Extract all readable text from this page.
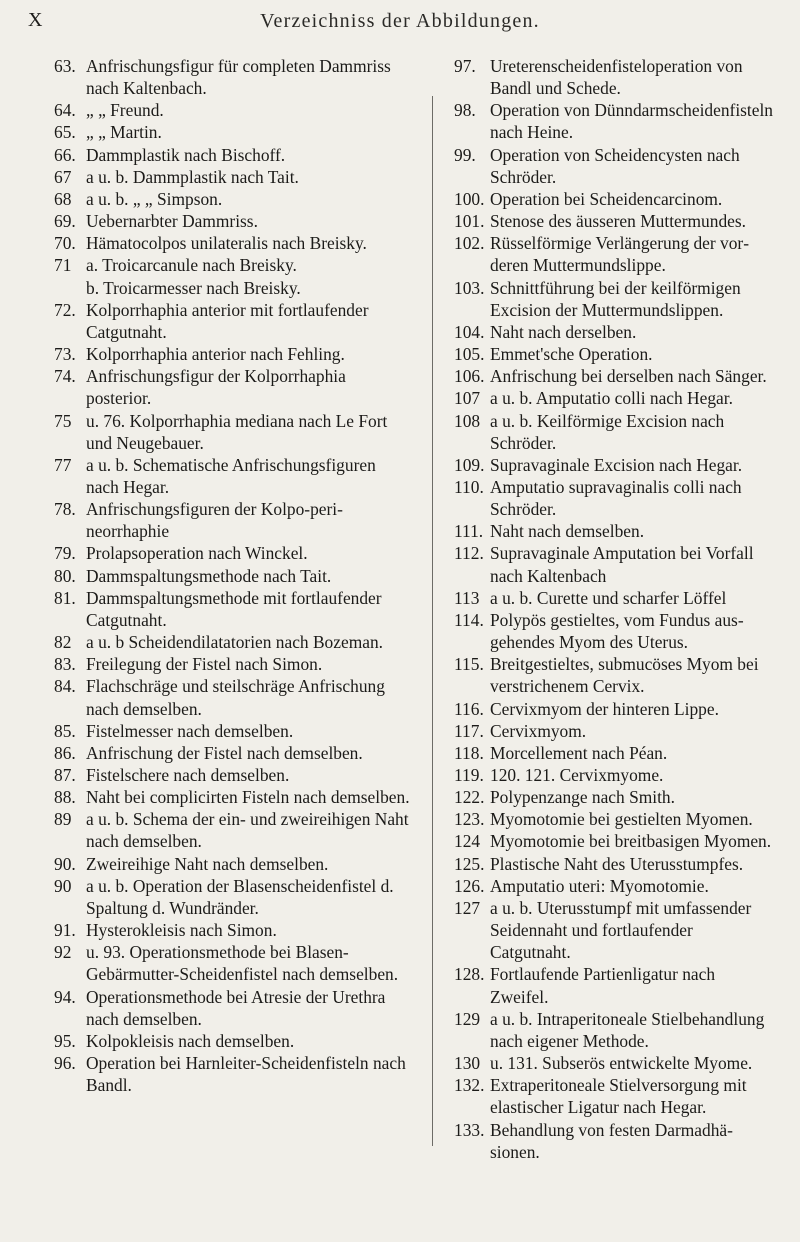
X	Verzeichniss der Abbildungen.
63. Anfrischungsfigur für completen Dammriss nach Kaltenbach.
64. „ „ Freund.
65. „ „ Martin.
66. Dammplastik nach Bischoff.
67 a u. b. Dammplastik nach Tait.
68 a u. b. „ „ Simpson.
69. Uebernarbter Dammriss.
70. Hämatocolpos unilateralis nach Breisky.
71 a. Troicarcanule nach Breisky.
b. Troicarmesser nach Breisky.
72. Kolporrhaphia anterior mit fortlaufender Catgutnaht.
73. Kolporrhaphia anterior nach Fehling.
74. Anfrischungsfigur der Kolporrhaphia posterior.
75 u. 76. Kolporrhaphia mediana nach Le Fort und Neugebauer.
77 a u. b. Schematische Anfrischungsfiguren nach Hegar.
78. Anfrischungsfiguren der Kolpo-perineorrhaphie
79. Prolapsoperation nach Winckel.
80. Dammspaltungsmethode nach Tait.
81. Dammspaltungsmethode mit fortlaufender Catgutnaht.
82 a u. b Scheidendilatatorien nach Bozeman.
83. Freilegung der Fistel nach Simon.
84. Flachschräge und steilschräge Anfrischung nach demselben.
85. Fistelmesser nach demselben.
86. Anfrischung der Fistel nach demselben.
87. Fistelschere nach demselben.
88. Naht bei complicirten Fisteln nach demselben.
89 a u. b. Schema der ein- und zweireihigen Naht nach demselben.
90. Zweireihige Naht nach demselben.
90 a u. b. Operation der Blasenscheidenfistel d. Spaltung d. Wundränder.
91. Hysterokleisis nach Simon.
92 u. 93. Operationsmethode bei Blasen-Gebärmutter-Scheidenfistel nach demselben.
94. Operationsmethode bei Atresie der Urethra nach demselben.
95. Kolpokleisis nach demselben.
96. Operation bei Harnleiter-Scheidenfisteln nach Bandl.
97. Ureterenscheidenfisteloperation von Bandl und Schede.
98. Operation von Dünndarmscheidenfisteln nach Heine.
99. Operation von Scheidencysten nach Schröder.
100. Operation bei Scheidencarcinom.
101. Stenose des äusseren Muttermundes.
102. Rüsselförmige Verlängerung der vorderen Muttermundslippe.
103. Schnittführung bei der keilförmigen Excision der Muttermundslippen.
104. Naht nach derselben.
105. Emmet'sche Operation.
106. Anfrischung bei derselben nach Sänger.
107 a u. b. Amputatio colli nach Hegar.
108 a u. b. Keilförmige Excision nach Schröder.
109. Supravaginale Excision nach Hegar.
110. Amputatio supravaginalis colli nach Schröder.
111. Naht nach demselben.
112. Supravaginale Amputation bei Vorfall nach Kaltenbach
113 a u. b. Curette und scharfer Löffel
114. Polypös gestieltes, vom Fundus ausgehendes Myom des Uterus.
115. Breitgestieltes, submucöses Myom bei verstrichenem Cervix.
116. Cervixmyom der hinteren Lippe.
117. Cervixmyom.
118. Morcellement nach Péan.
119. 120. 121. Cervixmyome.
122. Polypenzange nach Smith.
123. Myomotomie bei gestielten Myomen.
124 Myomotomie bei breitbasigen Myomen.
125. Plastische Naht des Uterusstumpfes.
126. Amputatio uteri: Myomotomie.
127 a u. b. Uterusstumpf mit umfassender Seidennaht und fortlaufender Catgutnaht.
128. Fortlaufende Partienligatur nach Zweifel.
129 a u. b. Intraperitoneale Stielbehandlung nach eigener Methode.
130 u. 131. Subserös entwickelte Myome.
132. Extraperitoneale Stielversorgung mit elastischer Ligatur nach Hegar.
133. Behandlung von festen Darmadhäsionen.
